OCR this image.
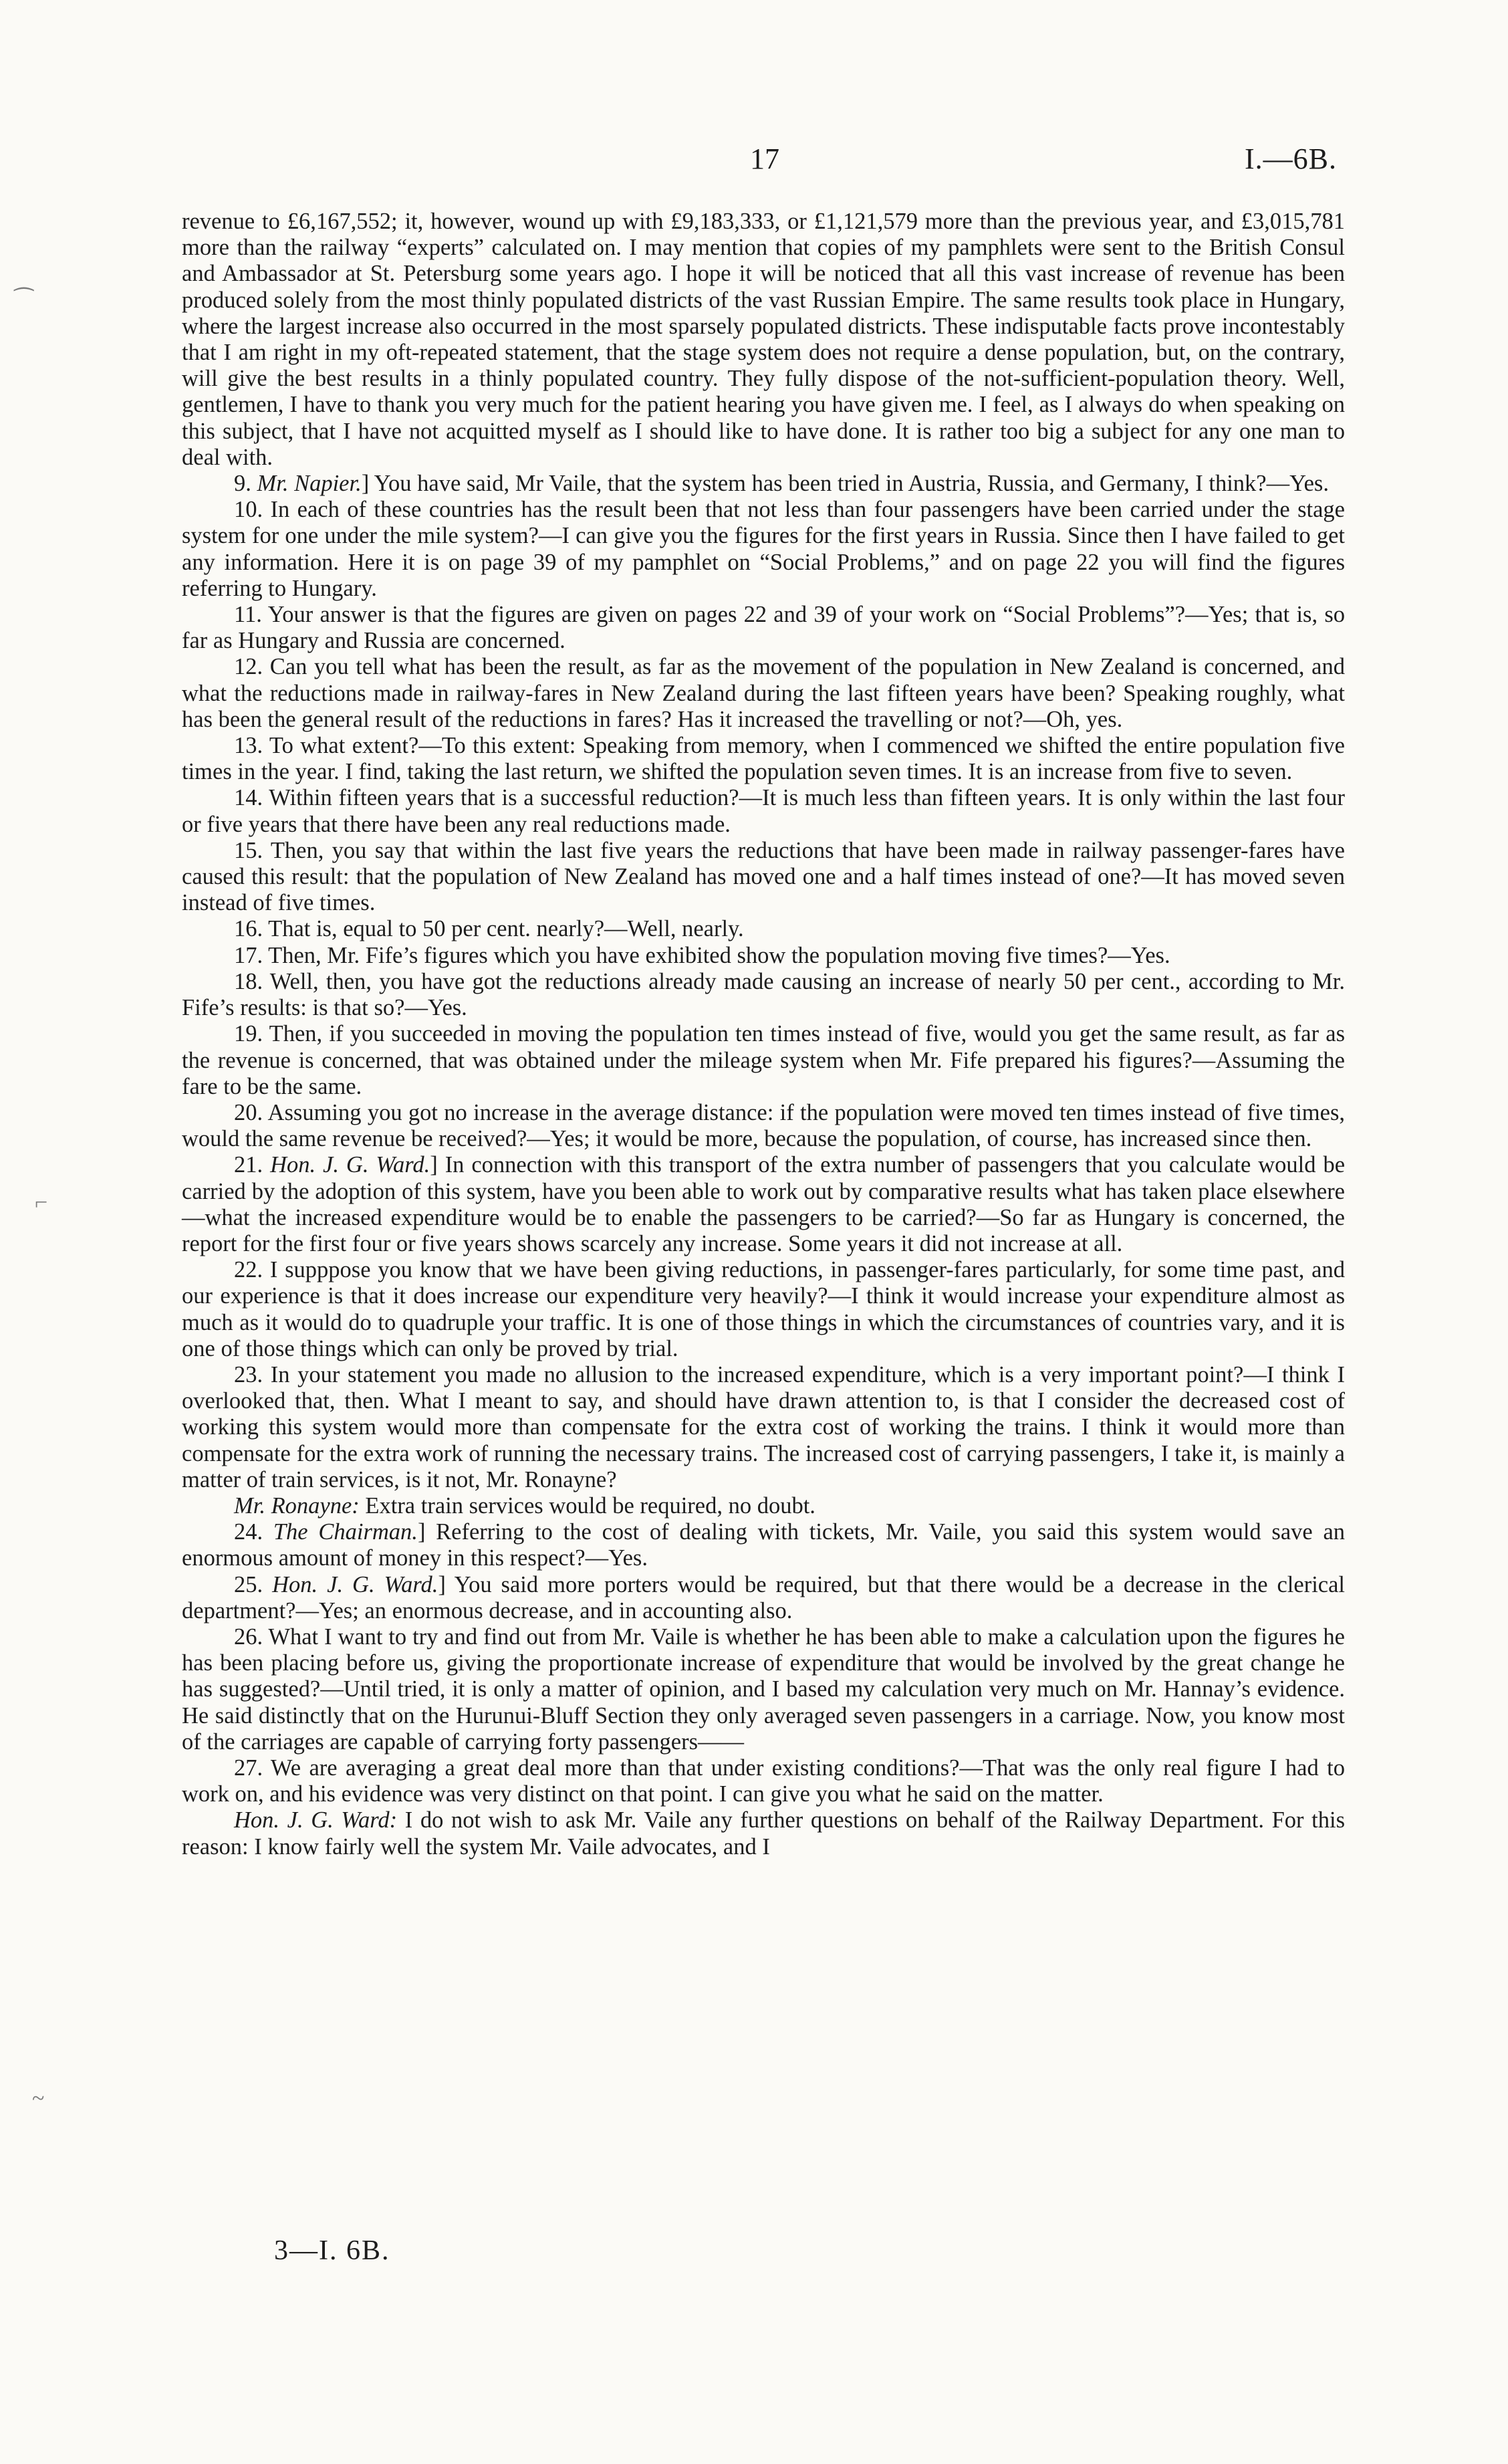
17	I.—6B.
⁀
⌐
~

revenue to £6,167,552; it, however, wound up with £9,183,333, or £1,121,579 more than the previous year, and £3,015,781 more than the railway “experts” calculated on. I may mention that copies of my pamphlets were sent to the British Consul and Ambassador at St. Petersburg some years ago. I hope it will be noticed that all this vast increase of revenue has been produced solely from the most thinly populated districts of the vast Russian Empire. The same results took place in Hungary, where the largest increase also occurred in the most sparsely populated districts. These indisputable facts prove incontestably that I am right in my oft-repeated statement, that the stage system does not require a dense population, but, on the contrary, will give the best results in a thinly populated country. They fully dispose of the not-sufficient-population theory. Well, gentlemen, I have to thank you very much for the patient hearing you have given me. I feel, as I always do when speaking on this subject, that I have not acquitted myself as I should like to have done. It is rather too big a subject for any one man to deal with.

9. Mr. Napier.] You have said, Mr Vaile, that the system has been tried in Austria, Russia, and Germany, I think?—Yes.

10. In each of these countries has the result been that not less than four passengers have been carried under the stage system for one under the mile system?—I can give you the figures for the first years in Russia. Since then I have failed to get any information. Here it is on page 39 of my pamphlet on “Social Problems,” and on page 22 you will find the figures referring to Hungary.

11. Your answer is that the figures are given on pages 22 and 39 of your work on “Social Problems”?—Yes; that is, so far as Hungary and Russia are concerned.

12. Can you tell what has been the result, as far as the movement of the population in New Zealand is concerned, and what the reductions made in railway-fares in New Zealand during the last fifteen years have been? Speaking roughly, what has been the general result of the reductions in fares? Has it increased the travelling or not?—Oh, yes.

13. To what extent?—To this extent: Speaking from memory, when I commenced we shifted the entire population five times in the year. I find, taking the last return, we shifted the population seven times. It is an increase from five to seven.

14. Within fifteen years that is a successful reduction?—It is much less than fifteen years. It is only within the last four or five years that there have been any real reductions made.

15. Then, you say that within the last five years the reductions that have been made in railway passenger-fares have caused this result: that the population of New Zealand has moved one and a half times instead of one?—It has moved seven instead of five times.

16. That is, equal to 50 per cent. nearly?—Well, nearly.

17. Then, Mr. Fife’s figures which you have exhibited show the population moving five times?—Yes.

18. Well, then, you have got the reductions already made causing an increase of nearly 50 per cent., according to Mr. Fife’s results: is that so?—Yes.

19. Then, if you succeeded in moving the population ten times instead of five, would you get the same result, as far as the revenue is concerned, that was obtained under the mileage system when Mr. Fife prepared his figures?—Assuming the fare to be the same.

20. Assuming you got no increase in the average distance: if the population were moved ten times instead of five times, would the same revenue be received?—Yes; it would be more, because the population, of course, has increased since then.

21. Hon. J. G. Ward.] In connection with this transport of the extra number of passengers that you calculate would be carried by the adoption of this system, have you been able to work out by comparative results what has taken place elsewhere—what the increased expenditure would be to enable the passengers to be carried?—So far as Hungary is concerned, the report for the first four or five years shows scarcely any increase. Some years it did not increase at all.

22. I supppose you know that we have been giving reductions, in passenger-fares particularly, for some time past, and our experience is that it does increase our expenditure very heavily?—I think it would increase your expenditure almost as much as it would do to quadruple your traffic. It is one of those things in which the circumstances of countries vary, and it is one of those things which can only be proved by trial.

23. In your statement you made no allusion to the increased expenditure, which is a very important point?—I think I overlooked that, then. What I meant to say, and should have drawn attention to, is that I consider the decreased cost of working this system would more than compensate for the extra cost of working the trains. I think it would more than compensate for the extra work of running the necessary trains. The increased cost of carrying passengers, I take it, is mainly a matter of train services, is it not, Mr. Ronayne?

Mr. Ronayne: Extra train services would be required, no doubt.

24. The Chairman.] Referring to the cost of dealing with tickets, Mr. Vaile, you said this system would save an enormous amount of money in this respect?—Yes.

25. Hon. J. G. Ward.] You said more porters would be required, but that there would be a decrease in the clerical department?—Yes; an enormous decrease, and in accounting also.

26. What I want to try and find out from Mr. Vaile is whether he has been able to make a calculation upon the figures he has been placing before us, giving the proportionate increase of expenditure that would be involved by the great change he has suggested?—Until tried, it is only a matter of opinion, and I based my calculation very much on Mr. Hannay’s evidence. He said distinctly that on the Hurunui-Bluff Section they only averaged seven passengers in a carriage. Now, you know most of the carriages are capable of carrying forty passengers——

27. We are averaging a great deal more than that under existing conditions?—That was the only real figure I had to work on, and his evidence was very distinct on that point. I can give you what he said on the matter.

Hon. J. G. Ward: I do not wish to ask Mr. Vaile any further questions on behalf of the Railway Department. For this reason: I know fairly well the system Mr. Vaile advocates, and I

3—I. 6B.
